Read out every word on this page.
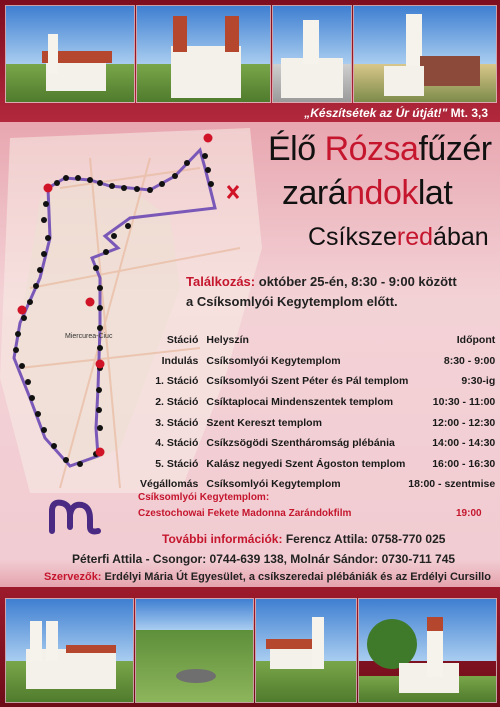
„Készítsétek az Úr útját!" Mt. 3,3
Miercurea-Ciuc
Élő Rózsafűzér
zarándoklat
Csíkszeredában
Találkozás: október 25-én, 8:30 - 9:00 között
a Csíksomlyói Kegytemplom előtt.
Stáció	Helyszín	Időpont
Indulás	Csíksomlyói Kegytemplom	8:30 - 9:00
1. Stáció	Csíksomlyói Szent Péter és Pál templom	9:30-ig
2. Stáció	Csíktaplocai Mindenszentek templom	10:30 - 11:00
3. Stáció	Szent Kereszt templom	12:00 - 12:30
4. Stáció	Csíkzsögödi Szentháromság plébánia	14:00 - 14:30
5. Stáció	Kalász negyedi Szent Ágoston templom	16:00 - 16:30
Végállomás	Csíksomlyói Kegytemplom	18:00 - szentmise
Csíksomlyói Kegytemplom:
Czestochowai Fekete Madonna Zarándokfilm	19:00
További információk: Ferencz Attila: 0758-770 025
Péterfi Attila - Csongor: 0744-639 138, Molnár Sándor: 0730-711 745
Szervezők: Erdélyi Mária Út Egyesület, a csíkszeredai plébániák és az Erdélyi Cursillo
